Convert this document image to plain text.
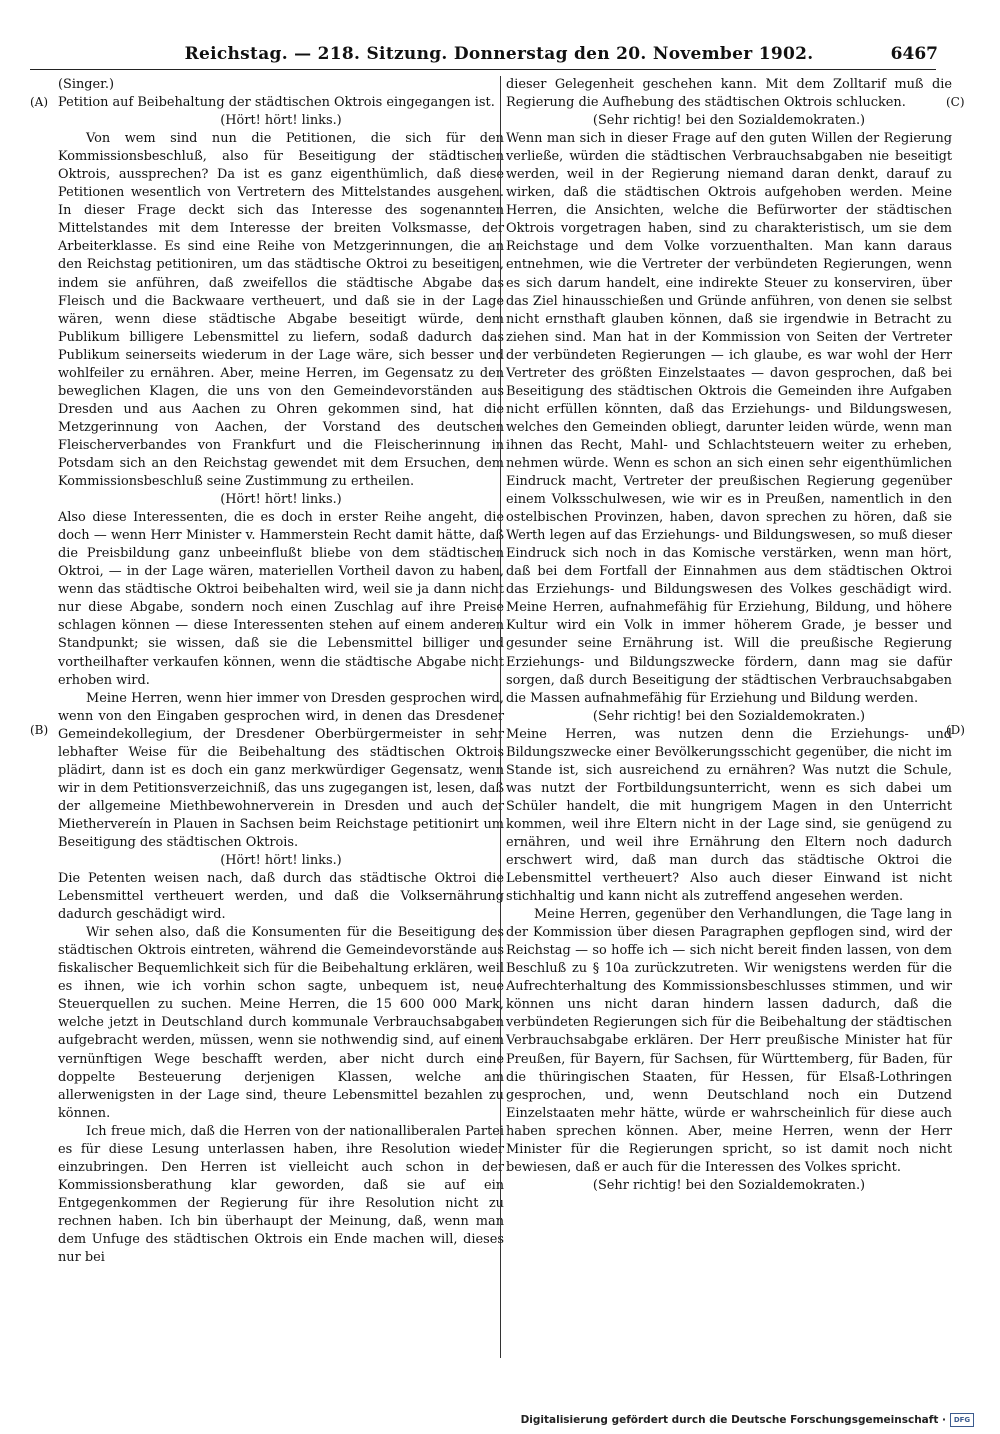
Reichstag. — 218. Sitzung. Donnerstag den 20. November 1902.	6467
(A)
(B)
(C)
(D)

(Singer.)

Petition auf Beibehaltung der städtischen Oktrois eingegangen ist.

(Hört! hört! links.)

Von wem sind nun die Petitionen, die sich für den Kommissionsbeschluß, also für Beseitigung der städtischen Oktrois, aussprechen? Da ist es ganz eigenthümlich, daß diese Petitionen wesentlich von Vertretern des Mittelstandes ausgehen. In dieser Frage deckt sich das Interesse des sogenannten Mittelstandes mit dem Interesse der breiten Volksmasse, der Arbeiterklasse. Es sind eine Reihe von Metzgerinnungen, die an den Reichstag petitioniren, um das städtische Oktroi zu beseitigen, indem sie anführen, daß zweifellos die städtische Abgabe das Fleisch und die Backwaare vertheuert, und daß sie in der Lage wären, wenn diese städtische Abgabe beseitigt würde, dem Publikum billigere Lebensmittel zu liefern, sodaß dadurch das Publikum seinerseits wiederum in der Lage wäre, sich besser und wohlfeiler zu ernähren. Aber, meine Herren, im Gegensatz zu den beweglichen Klagen, die uns von den Gemeindevorständen aus Dresden und aus Aachen zu Ohren gekommen sind, hat die Metzgerinnung von Aachen, der Vorstand des deutschen Fleischerverbandes von Frankfurt und die Fleischerinnung in Potsdam sich an den Reichstag gewendet mit dem Ersuchen, dem Kommissionsbeschluß seine Zustimmung zu ertheilen.

(Hört! hört! links.)

Also diese Interessenten, die es doch in erster Reihe angeht, die doch — wenn Herr Minister v. Hammerstein Recht damit hätte, daß die Preisbildung ganz unbeeinflußt bliebe von dem städtischen Oktroi, — in der Lage wären, materiellen Vortheil davon zu haben, wenn das städtische Oktroi beibehalten wird, weil sie ja dann nicht nur diese Abgabe, sondern noch einen Zuschlag auf ihre Preise schlagen können — diese Interessenten stehen auf einem anderen Standpunkt; sie wissen, daß sie die Lebensmittel billiger und vortheilhafter verkaufen können, wenn die städtische Abgabe nicht erhoben wird.

Meine Herren, wenn hier immer von Dresden gesprochen wird, wenn von den Eingaben gesprochen wird, in denen das Dresdener Gemeindekollegium, der Dresdener Oberbürgermeister in sehr lebhafter Weise für die Beibehaltung des städtischen Oktrois plädirt, dann ist es doch ein ganz merkwürdiger Gegensatz, wenn wir in dem Petitionsverzeichniß, das uns zugegangen ist, lesen, daß der allgemeine Miethbewohnerverein in Dresden und auch der Miethervereín in Plauen in Sachsen beim Reichstage petitionirt um Beseitigung des städtischen Oktrois.

(Hört! hört! links.)

Die Petenten weisen nach, daß durch das städtische Oktroi die Lebensmittel vertheuert werden, und daß die Volksernährung dadurch geschädigt wird.

Wir sehen also, daß die Konsumenten für die Beseitigung des städtischen Oktrois eintreten, während die Gemeindevorstände aus fiskalischer Bequemlichkeit sich für die Beibehaltung erklären, weil es ihnen, wie ich vorhin schon sagte, unbequem ist, neue Steuerquellen zu suchen. Meine Herren, die 15 600 000 Mark, welche jetzt in Deutschland durch kommunale Verbrauchsabgaben aufgebracht werden, müssen, wenn sie nothwendig sind, auf einem vernünftigen Wege beschafft werden, aber nicht durch eine doppelte Besteuerung derjenigen Klassen, welche am allerwenigsten in der Lage sind, theure Lebensmittel bezahlen zu können.

Ich freue mich, daß die Herren von der nationalliberalen Partei es für diese Lesung unterlassen haben, ihre Resolution wieder einzubringen. Den Herren ist vielleicht auch schon in der Kommissionsberathung klar geworden, daß sie auf ein Entgegenkommen der Regierung für ihre Resolution nicht zu rechnen haben. Ich bin überhaupt der Meinung, daß, wenn man dem Unfuge des städtischen Oktrois ein Ende machen will, dieses nur bei

dieser Gelegenheit geschehen kann. Mit dem Zolltarif muß die Regierung die Aufhebung des städtischen Oktrois schlucken.

(Sehr richtig! bei den Sozialdemokraten.)

Wenn man sich in dieser Frage auf den guten Willen der Regierung verließe, würden die städtischen Verbrauchsabgaben nie beseitigt werden, weil in der Regierung niemand daran denkt, darauf zu wirken, daß die städtischen Oktrois aufgehoben werden. Meine Herren, die Ansichten, welche die Befürworter der städtischen Oktrois vorgetragen haben, sind zu charakteristisch, um sie dem Reichstage und dem Volke vorzuenthalten. Man kann daraus entnehmen, wie die Vertreter der verbündeten Regierungen, wenn es sich darum handelt, eine indirekte Steuer zu konserviren, über das Ziel hinausschießen und Gründe anführen, von denen sie selbst nicht ernsthaft glauben können, daß sie irgendwie in Betracht zu ziehen sind. Man hat in der Kommission von Seiten der Vertreter der verbündeten Regierungen — ich glaube, es war wohl der Herr Vertreter des größten Einzelstaates — davon gesprochen, daß bei Beseitigung des städtischen Oktrois die Gemeinden ihre Aufgaben nicht erfüllen könnten, daß das Erziehungs- und Bildungswesen, welches den Gemeinden obliegt, darunter leiden würde, wenn man ihnen das Recht, Mahl- und Schlachtsteuern weiter zu erheben, nehmen würde. Wenn es schon an sich einen sehr eigenthümlichen Eindruck macht, Vertreter der preußischen Regierung gegenüber einem Volksschulwesen, wie wir es in Preußen, namentlich in den ostelbischen Provinzen, haben, davon sprechen zu hören, daß sie Werth legen auf das Erziehungs- und Bildungswesen, so muß dieser Eindruck sich noch in das Komische verstärken, wenn man hört, daß bei dem Fortfall der Einnahmen aus dem städtischen Oktroi das Erziehungs- und Bildungswesen des Volkes geschädigt wird. Meine Herren, aufnahmefähig für Erziehung, Bildung, und höhere Kultur wird ein Volk in immer höherem Grade, je besser und gesunder seine Ernährung ist. Will die preußische Regierung Erziehungs- und Bildungszwecke fördern, dann mag sie dafür sorgen, daß durch Beseitigung der städtischen Verbrauchsabgaben die Massen aufnahmefähig für Erziehung und Bildung werden.

(Sehr richtig! bei den Sozialdemokraten.)

Meine Herren, was nutzen denn die Erziehungs- und Bildungszwecke einer Bevölkerungsschicht gegenüber, die nicht im Stande ist, sich ausreichend zu ernähren? Was nutzt die Schule, was nutzt der Fortbildungsunterricht, wenn es sich dabei um Schüler handelt, die mit hungrigem Magen in den Unterricht kommen, weil ihre Eltern nicht in der Lage sind, sie genügend zu ernähren, und weil ihre Ernährung den Eltern noch dadurch erschwert wird, daß man durch das städtische Oktroi die Lebensmittel vertheuert? Also auch dieser Einwand ist nicht stichhaltig und kann nicht als zutreffend angesehen werden.

Meine Herren, gegenüber den Verhandlungen, die Tage lang in der Kommission über diesen Paragraphen gepflogen sind, wird der Reichstag — so hoffe ich — sich nicht bereit finden lassen, von dem Beschluß zu § 10a zurückzutreten. Wir wenigstens werden für die Aufrechterhaltung des Kommissionsbeschlusses stimmen, und wir können uns nicht daran hindern lassen dadurch, daß die verbündeten Regierungen sich für die Beibehaltung der städtischen Verbrauchsabgabe erklären. Der Herr preußische Minister hat für Preußen, für Bayern, für Sachsen, für Württemberg, für Baden, für die thüringischen Staaten, für Hessen, für Elsaß-Lothringen gesprochen, und, wenn Deutschland noch ein Dutzend Einzelstaaten mehr hätte, würde er wahrscheinlich für diese auch haben sprechen können. Aber, meine Herren, wenn der Herr Minister für die Regierungen spricht, so ist damit noch nicht bewiesen, daß er auch für die Interessen des Volkes spricht.

(Sehr richtig! bei den Sozialdemokraten.)

Digitalisierung gefördert durch die Deutsche Forschungsgemeinschaft ·	DFG
